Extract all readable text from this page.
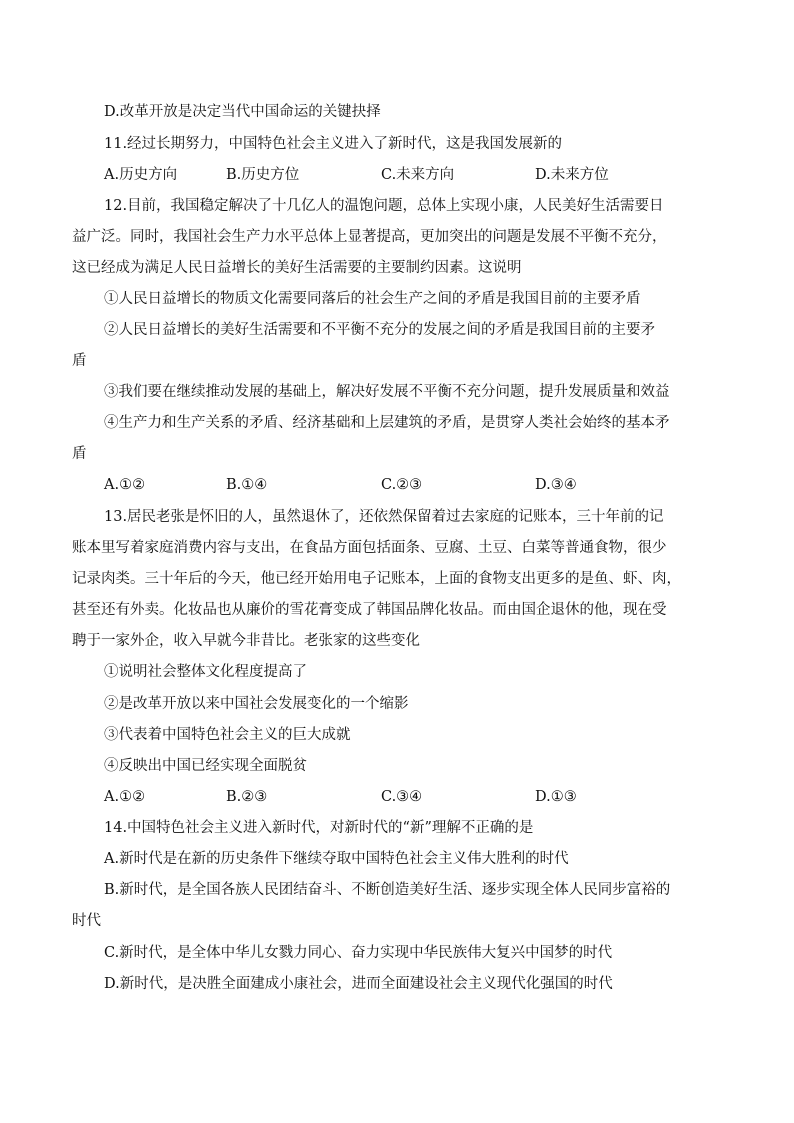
D.改革开放是决定当代中国命运的关键抉择
11.经过长期努力，中国特色社会主义进入了新时代，这是我国发展新的
A.历史方向	B.历史方位	C.未来方向	D.未来方位
12.目前，我国稳定解决了十几亿人的温饱问题，总体上实现小康，人民美好生活需要日
益广泛。同时，我国社会生产力水平总体上显著提高，更加突出的问题是发展不平衡不充分，
这已经成为满足人民日益增长的美好生活需要的主要制约因素。这说明
①人民日益增长的物质文化需要同落后的社会生产之间的矛盾是我国目前的主要矛盾
②人民日益增长的美好生活需要和不平衡不充分的发展之间的矛盾是我国目前的主要矛
盾
③我们要在继续推动发展的基础上，解决好发展不平衡不充分问题，提升发展质量和效益
④生产力和生产关系的矛盾、经济基础和上层建筑的矛盾，是贯穿人类社会始终的基本矛
盾
A.①②	B.①④	C.②③	D.③④
13.居民老张是怀旧的人，虽然退休了，还依然保留着过去家庭的记账本，三十年前的记
账本里写着家庭消费内容与支出，在食品方面包括面条、豆腐、土豆、白菜等普通食物，很少
记录肉类。三十年后的今天，他已经开始用电子记账本，上面的食物支出更多的是鱼、虾、肉，
甚至还有外卖。化妆品也从廉价的雪花膏变成了韩国品牌化妆品。而由国企退休的他，现在受
聘于一家外企，收入早就今非昔比。老张家的这些变化
①说明社会整体文化程度提高了
②是改革开放以来中国社会发展变化的一个缩影
③代表着中国特色社会主义的巨大成就
④反映出中国已经实现全面脱贫
A.①②	B.②③	C.③④	D.①③
14.中国特色社会主义进入新时代，对新时代的“新”理解不正确的是
A.新时代是在新的历史条件下继续夺取中国特色社会主义伟大胜利的时代
B.新时代，是全国各族人民团结奋斗、不断创造美好生活、逐步实现全体人民同步富裕的
时代
C.新时代，是全体中华儿女戮力同心、奋力实现中华民族伟大复兴中国梦的时代
D.新时代，是决胜全面建成小康社会，进而全面建设社会主义现代化强国的时代
